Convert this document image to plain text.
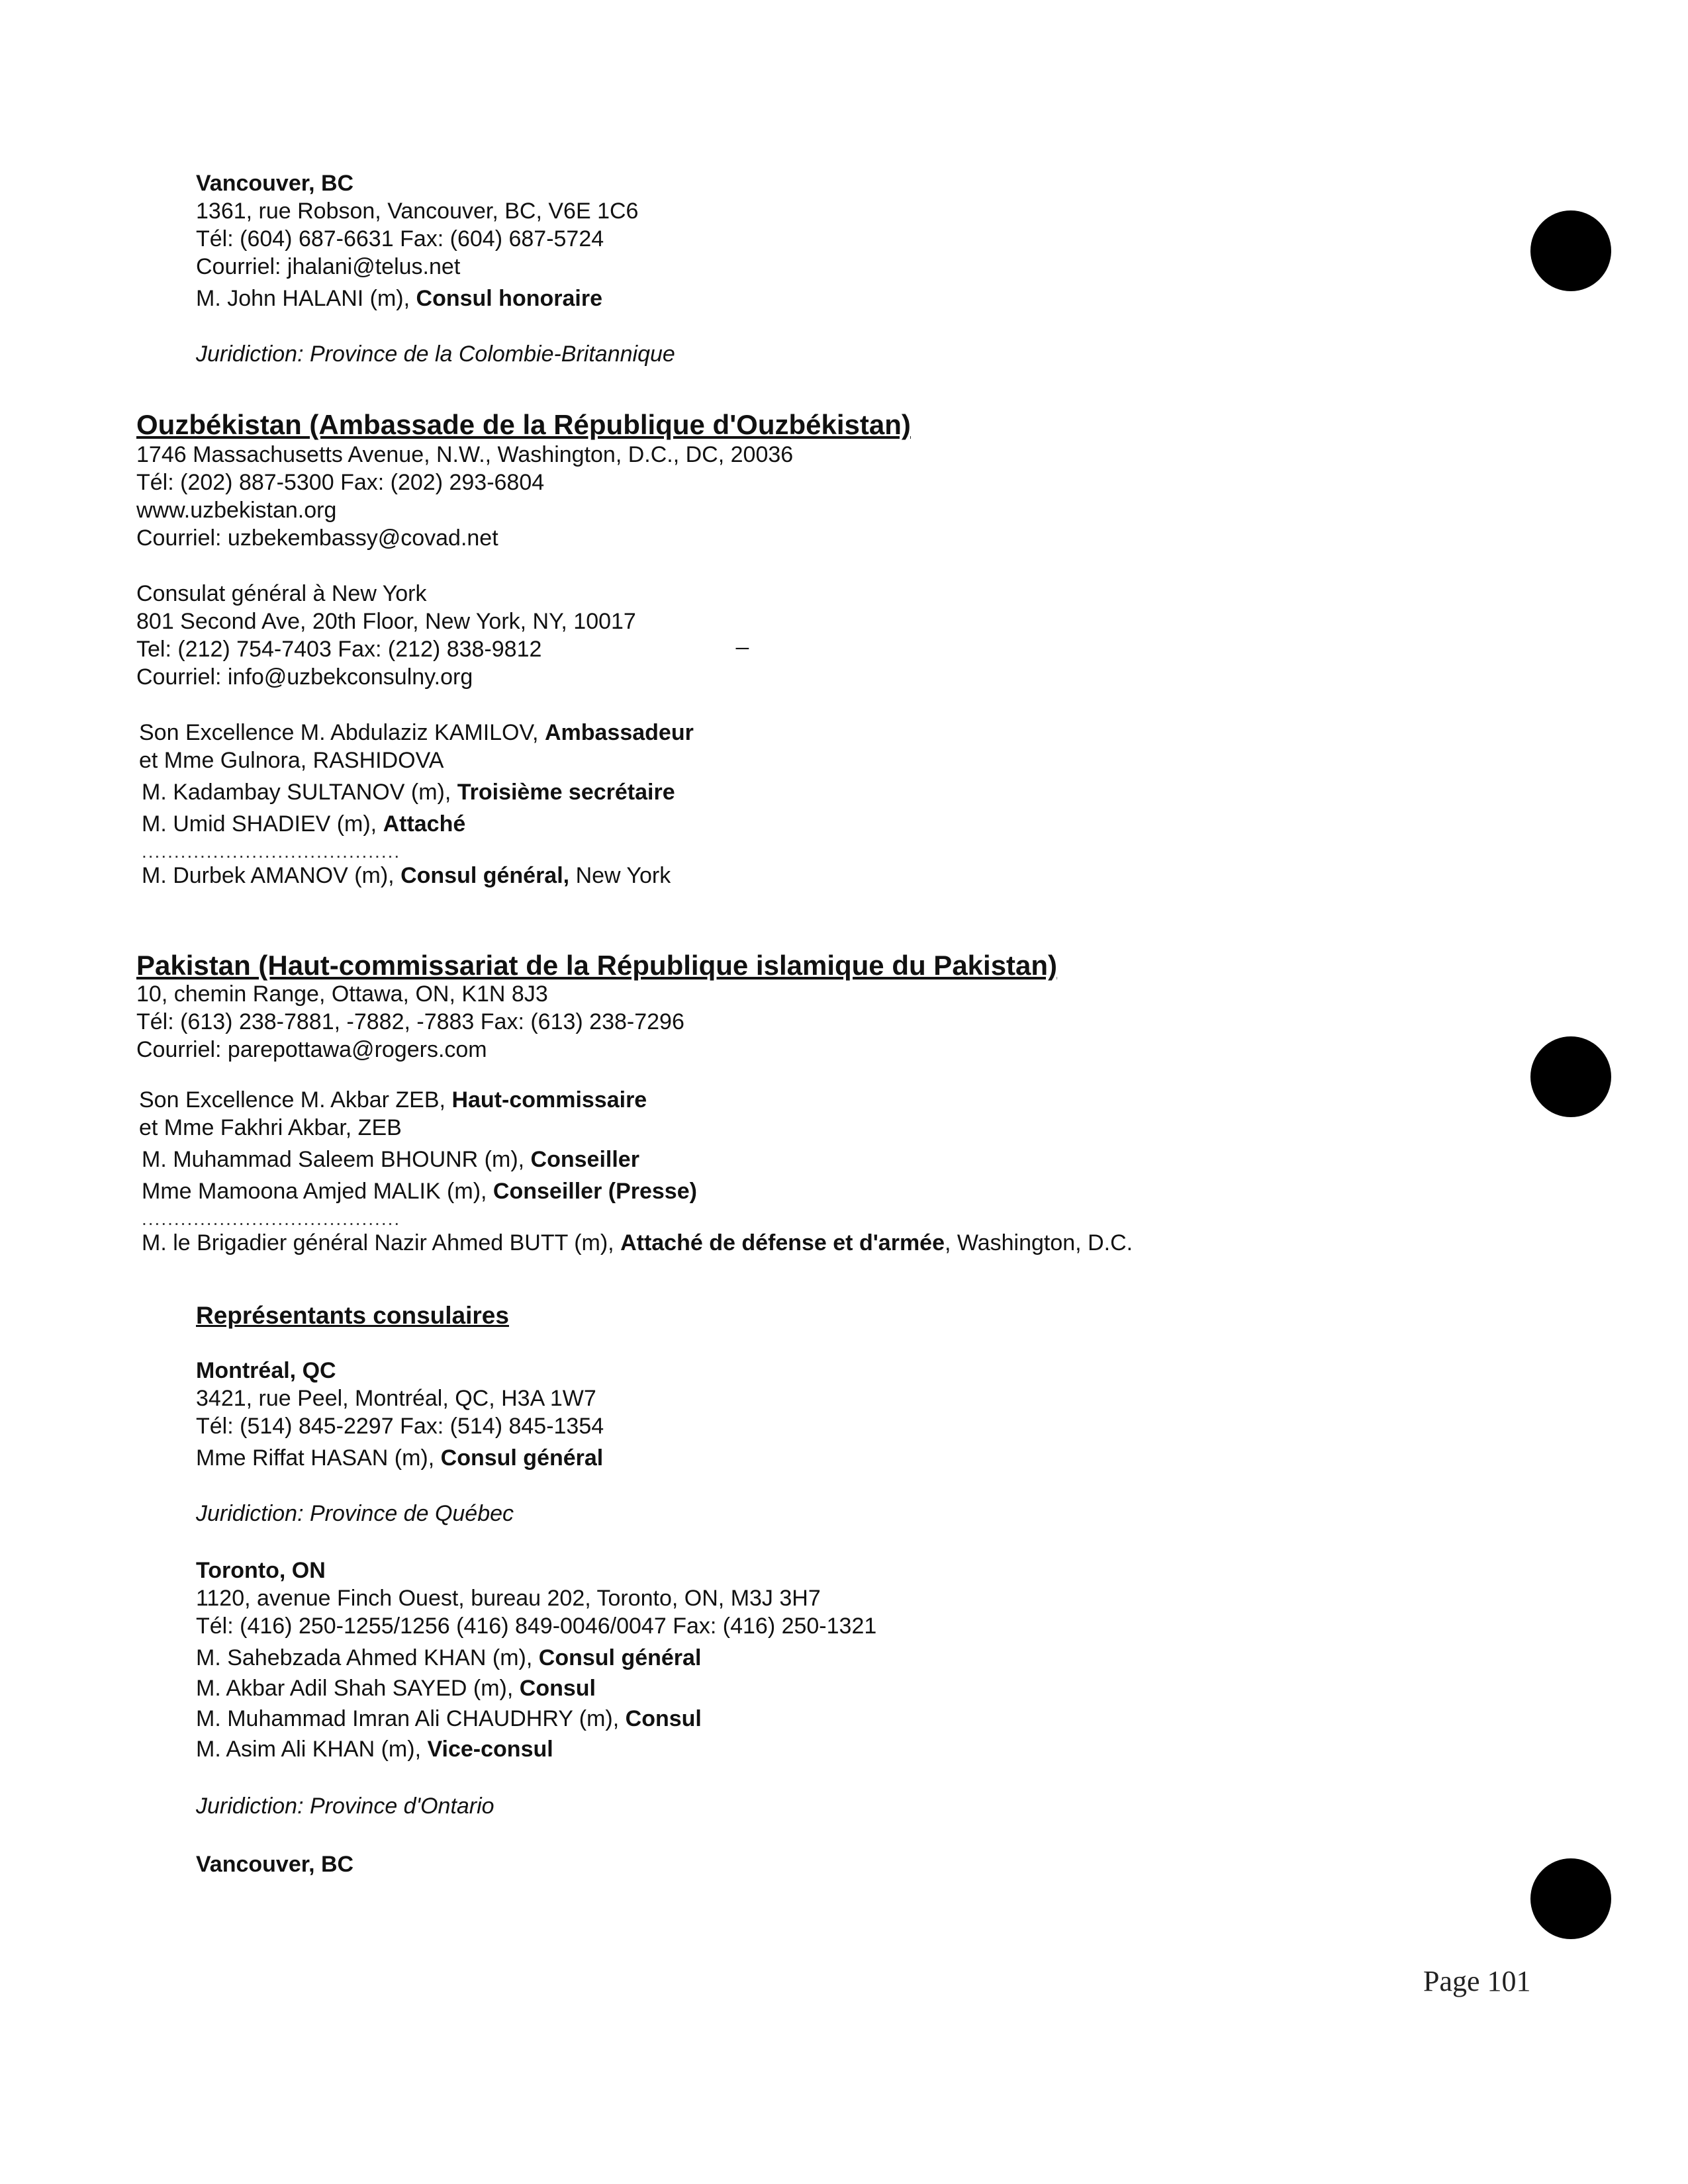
Vancouver, BC
1361, rue Robson, Vancouver, BC, V6E 1C6
Tél: (604) 687-6631 Fax: (604) 687-5724
Courriel: jhalani@telus.net
M. John HALANI (m), Consul honoraire
Juridiction: Province de la Colombie-Britannique
Ouzbékistan (Ambassade de la République d'Ouzbékistan)
1746 Massachusetts Avenue, N.W., Washington, D.C., DC, 20036
Tél: (202) 887-5300 Fax: (202) 293-6804
www.uzbekistan.org
Courriel: uzbekembassy@covad.net
Consulat général à New York
801 Second Ave, 20th Floor, New York, NY, 10017
Tel: (212) 754-7403 Fax: (212) 838-9812
Courriel: info@uzbekconsulny.org
Son Excellence M. Abdulaziz KAMILOV, Ambassadeur
et Mme Gulnora, RASHIDOVA
M. Kadambay SULTANOV (m), Troisième secrétaire
M. Umid SHADIEV (m), Attaché
........................................
M. Durbek AMANOV (m), Consul général, New York
_
Pakistan (Haut-commissariat de la République islamique du Pakistan)
10, chemin Range, Ottawa, ON, K1N 8J3
Tél: (613) 238-7881, -7882, -7883 Fax: (613) 238-7296
Courriel: parepottawa@rogers.com
Son Excellence M. Akbar ZEB, Haut-commissaire
et Mme Fakhri Akbar, ZEB
M. Muhammad Saleem BHOUNR (m), Conseiller
Mme Mamoona Amjed MALIK (m), Conseiller (Presse)
........................................
M. le Brigadier général Nazir Ahmed BUTT (m), Attaché de défense et d'armée, Washington, D.C.
Représentants consulaires
Montréal, QC
3421, rue Peel, Montréal, QC, H3A 1W7
Tél: (514) 845-2297 Fax: (514) 845-1354
Mme Riffat HASAN (m), Consul général
Juridiction: Province de Québec
Toronto, ON
1120, avenue Finch Ouest, bureau 202, Toronto, ON, M3J 3H7
Tél: (416) 250-1255/1256 (416) 849-0046/0047 Fax: (416) 250-1321
M. Sahebzada Ahmed KHAN (m), Consul général
M. Akbar Adil Shah SAYED (m), Consul
M. Muhammad Imran Ali CHAUDHRY (m), Consul
M. Asim Ali KHAN (m), Vice-consul
Juridiction: Province d'Ontario
Vancouver, BC
Page 101
